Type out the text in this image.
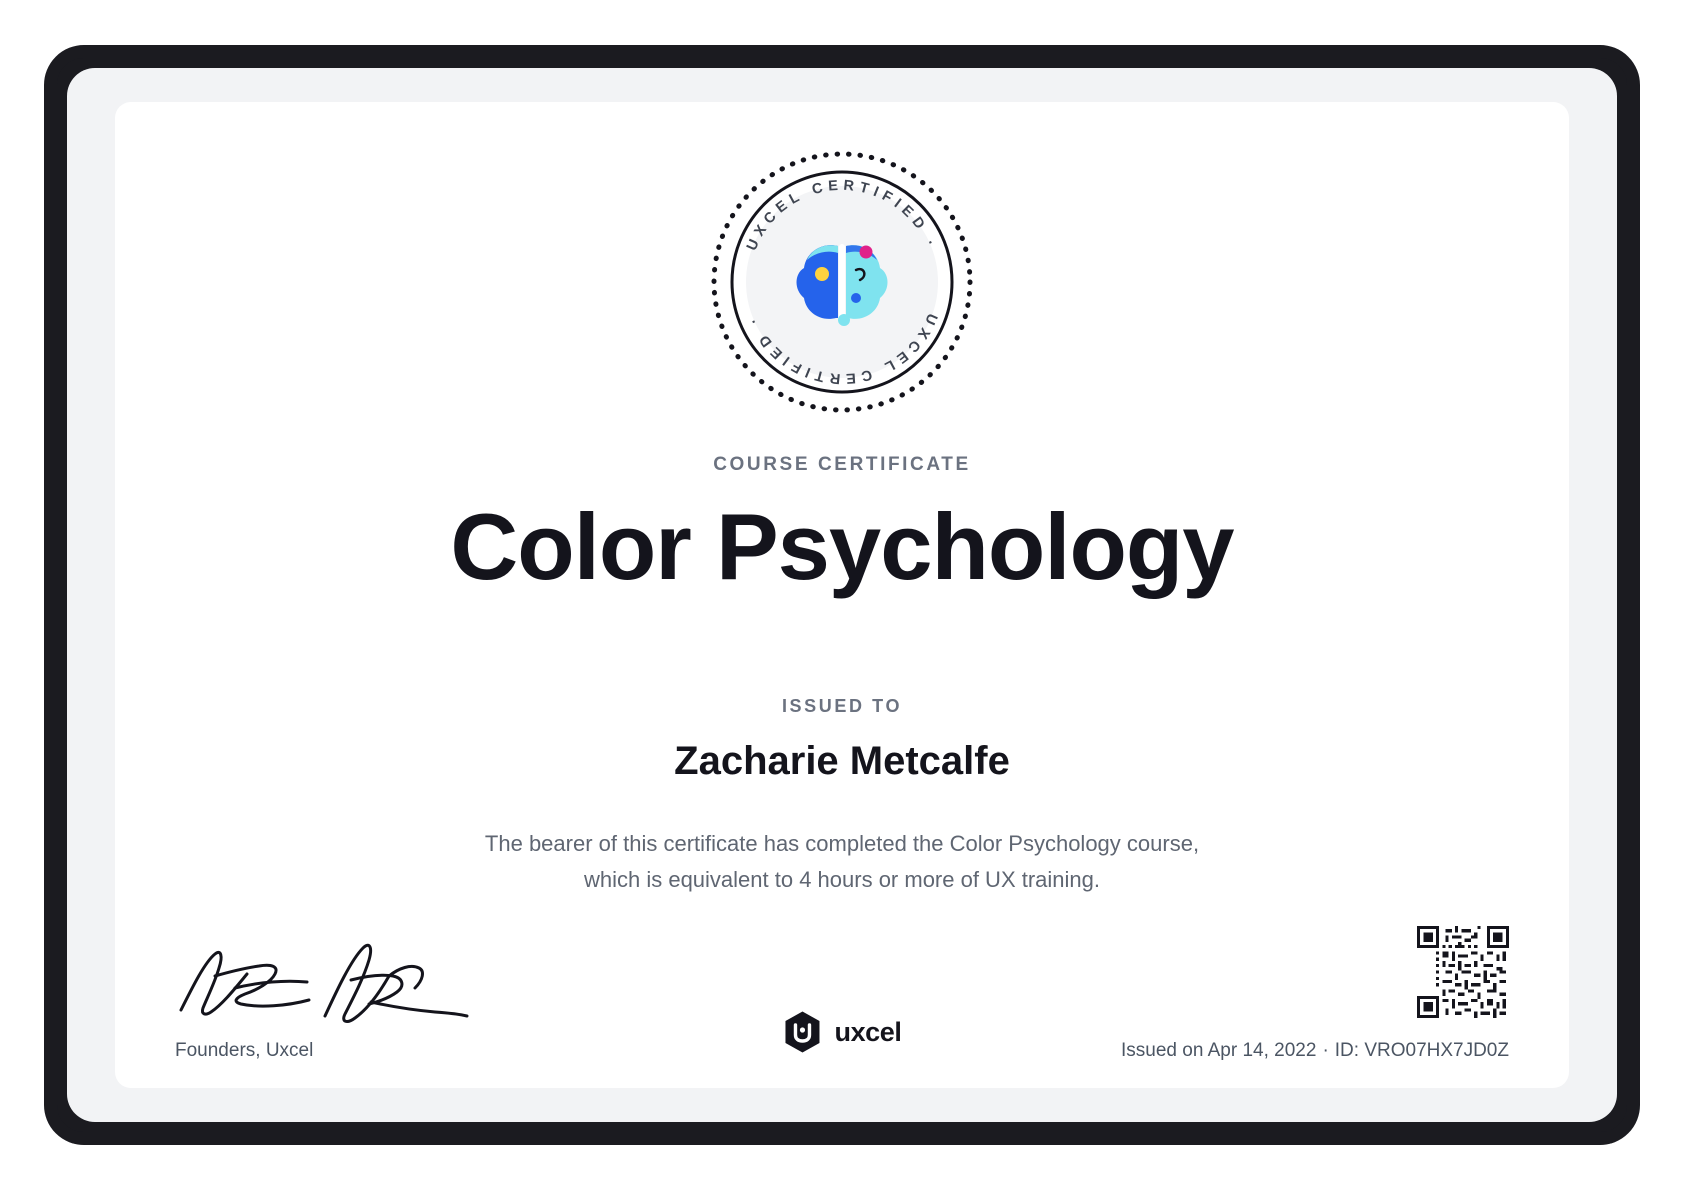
UXCEL CERTIFIED ·
UXCEL CERTIFIED ·
COURSE CERTIFICATE
Color Psychology
ISSUED TO
Zacharie Metcalfe
The bearer of this certificate has completed the Color Psychology course,
which is equivalent to 4 hours or more of UX training.
Founders, Uxcel
uxcel
Issued on Apr 14, 2022 · ID: VRO07HX7JD0Z
